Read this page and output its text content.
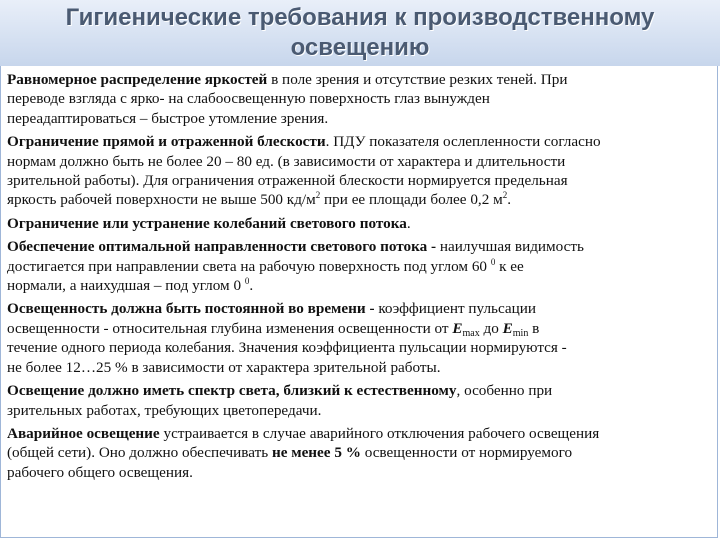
Гигиенические требования к производственному
освещению

Равномерное распределение яркостей в поле зрения и отсутствие резких теней. При
переводе взгляда с ярко- на слабоосвещенную поверхность глаз вынужден
переадаптироваться – быстрое утомление зрения.

Ограничение прямой и отраженной блескости. ПДУ показателя ослепленности согласно
нормам должно быть не более 20 – 80 ед. (в зависимости от характера и длительности
зрительной работы). Для ограничения отраженной блескости нормируется предельная
яркость рабочей поверхности не выше 500 $кд/м^2$ при ее площади более 0,2 $м^2$.

Ограничение или устранение колебаний светового потока.

Обеспечение оптимальной направленности светового потока - наилучшая видимость
достигается при направлении света на рабочую поверхность под углом 60 $^0$ к ее
нормали, а наихудшая – под углом 0 $^0$.

Освещенность должна быть постоянной во времени - коэффициент пульсации
освещенности - относительная глубина изменения освещенности от $E_{max}$ до $E_{min}$ в
течение одного периода колебания. Значения коэффициента пульсации нормируются -
не более 12…25 % в зависимости от характера зрительной работы.

Освещение должно иметь спектр света, близкий к естественному, особенно при
зрительных работах, требующих цветопередачи.

Аварийное освещение устраивается в случае аварийного отключения рабочего освещения
(общей сети). Оно должно обеспечивать не менее 5 % освещенности от нормируемого
рабочего общего освещения.
